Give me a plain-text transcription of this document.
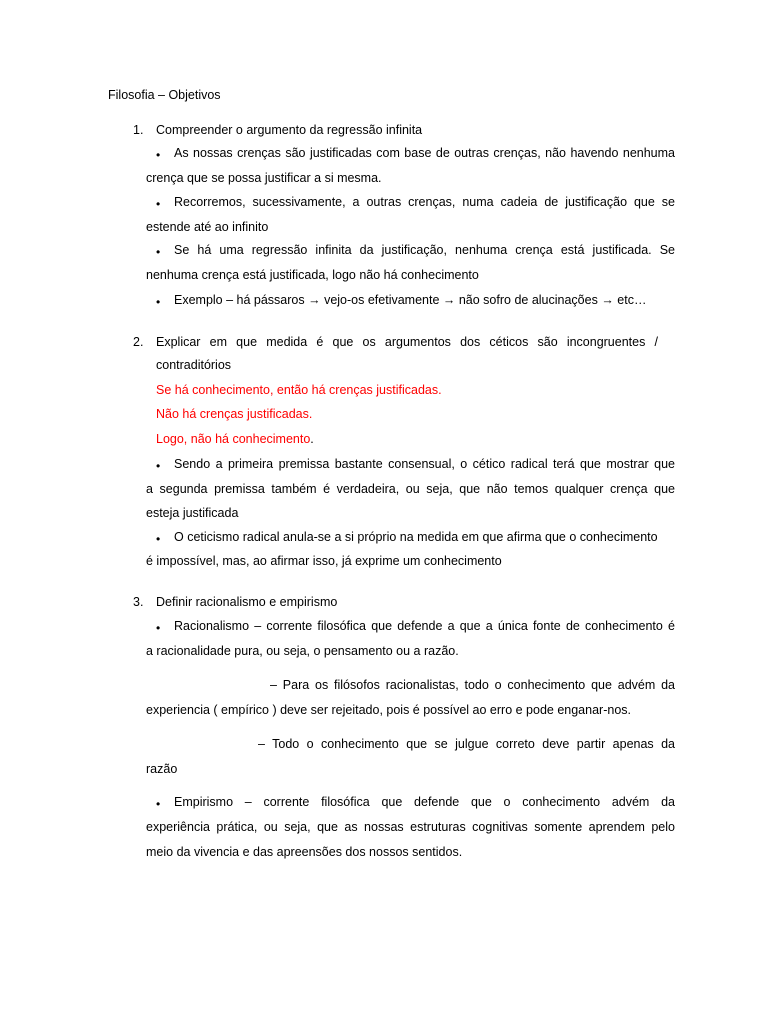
Filosofia – Objetivos
1. Compreender o argumento da regressão infinita
• As nossas crenças são justificadas com base de outras crenças, não havendo nenhuma
crença que se possa justificar a si mesma.
• Recorremos, sucessivamente, a outras crenças, numa cadeia de justificação que se
estende até ao infinito
• Se há uma regressão infinita da justificação, nenhuma crença está justificada. Se
nenhuma crença está justificada, logo não há conhecimento
• Exemplo – há pássaros → vejo-os efetivamente → não sofro de alucinações → etc…
2. Explicar em que medida é que os argumentos dos céticos são incongruentes /
contraditórios
Se há conhecimento, então há crenças justificadas.
Não há crenças justificadas.
Logo, não há conhecimento.
• Sendo a primeira premissa bastante consensual, o cético radical terá que mostrar que
a segunda premissa também é verdadeira, ou seja, que não temos qualquer crença que
esteja justificada
• O ceticismo radical anula-se a si próprio na medida em que afirma que o conhecimento
é impossível, mas, ao afirmar isso, já exprime um conhecimento
3. Definir racionalismo e empirismo
• Racionalismo – corrente filosófica que defende a que a única fonte de conhecimento é
a racionalidade pura, ou seja, o pensamento ou a razão.
– Para os filósofos racionalistas, todo o conhecimento que advém da
experiencia ( empírico ) deve ser rejeitado, pois é possível ao erro e pode enganar-nos.
– Todo o conhecimento que se julgue correto deve partir apenas da
razão
• Empirismo – corrente filosófica que defende que o conhecimento advém da
experiência prática, ou seja, que as nossas estruturas cognitivas somente aprendem pelo
meio da vivencia e das apreensões dos nossos sentidos.
